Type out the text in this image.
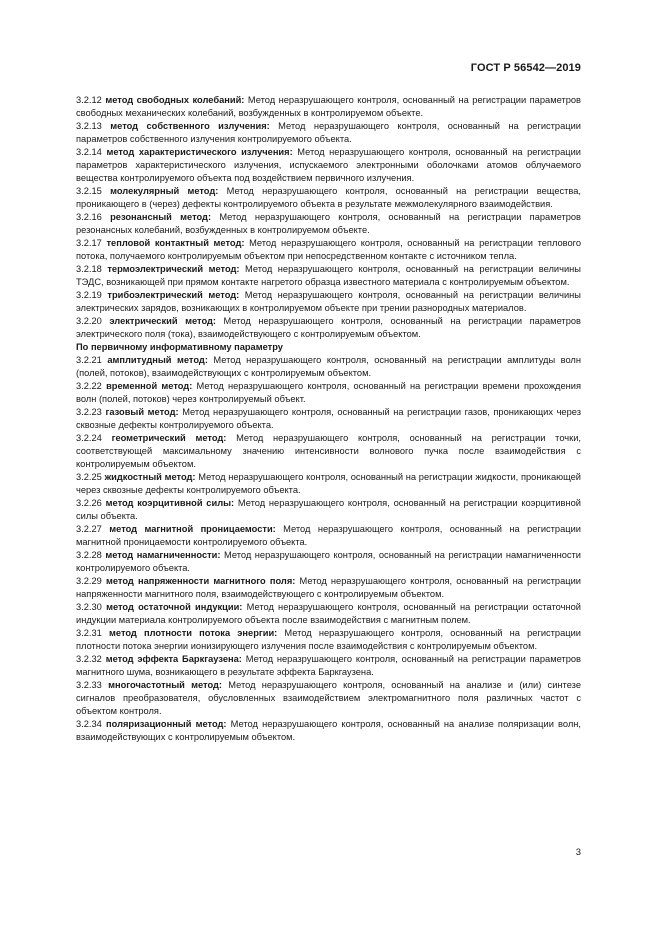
ГОСТ Р 56542—2019

3.2.12 метод свободных колебаний: Метод неразрушающего контроля, основанный на регистрации параметров свободных механических колебаний, возбужденных в контролируемом объекте.

3.2.13 метод собственного излучения: Метод неразрушающего контроля, основанный на регистрации параметров собственного излучения контролируемого объекта.

3.2.14 метод характеристического излучения: Метод неразрушающего контроля, основанный на регистрации параметров характеристического излучения, испускаемого электронными оболочками атомов облучаемого вещества контролируемого объекта под воздействием первичного излучения.

3.2.15 молекулярный метод: Метод неразрушающего контроля, основанный на регистрации вещества, проникающего в (через) дефекты контролируемого объекта в результате межмолекулярного взаимодействия.

3.2.16 резонансный метод: Метод неразрушающего контроля, основанный на регистрации параметров резонансных колебаний, возбужденных в контролируемом объекте.

3.2.17 тепловой контактный метод: Метод неразрушающего контроля, основанный на регистрации теплового потока, получаемого контролируемым объектом при непосредственном контакте с источником тепла.

3.2.18 термоэлектрический метод: Метод неразрушающего контроля, основанный на регистрации величины ТЭДС, возникающей при прямом контакте нагретого образца известного материала с контролируемым объектом.

3.2.19 трибоэлектрический метод: Метод неразрушающего контроля, основанный на регистрации величины электрических зарядов, возникающих в контролируемом объекте при трении разнородных материалов.

3.2.20 электрический метод: Метод неразрушающего контроля, основанный на регистрации параметров электрического поля (тока), взаимодействующего с контролируемым объектом.

По первичному информативному параметру

3.2.21 амплитудный метод: Метод неразрушающего контроля, основанный на регистрации амплитуды волн (полей, потоков), взаимодействующих с контролируемым объектом.

3.2.22 временной метод: Метод неразрушающего контроля, основанный на регистрации времени прохождения волн (полей, потоков) через контролируемый объект.

3.2.23 газовый метод: Метод неразрушающего контроля, основанный на регистрации газов, проникающих через сквозные дефекты контролируемого объекта.

3.2.24 геометрический метод: Метод неразрушающего контроля, основанный на регистрации точки, соответствующей максимальному значению интенсивности волнового пучка после взаимодействия с контролируемым объектом.

3.2.25 жидкостный метод: Метод неразрушающего контроля, основанный на регистрации жидкости, проникающей через сквозные дефекты контролируемого объекта.

3.2.26 метод коэрцитивной силы: Метод неразрушающего контроля, основанный на регистрации коэрцитивной силы объекта.

3.2.27 метод магнитной проницаемости: Метод неразрушающего контроля, основанный на регистрации магнитной проницаемости контролируемого объекта.

3.2.28 метод намагниченности: Метод неразрушающего контроля, основанный на регистрации намагниченности контролируемого объекта.

3.2.29 метод напряженности магнитного поля: Метод неразрушающего контроля, основанный на регистрации напряженности магнитного поля, взаимодействующего с контролируемым объектом.

3.2.30 метод остаточной индукции: Метод неразрушающего контроля, основанный на регистрации остаточной индукции материала контролируемого объекта после взаимодействия с магнитным полем.

3.2.31 метод плотности потока энергии: Метод неразрушающего контроля, основанный на регистрации плотности потока энергии ионизирующего излучения после взаимодействия с контролируемым объектом.

3.2.32 метод эффекта Баркгаузена: Метод неразрушающего контроля, основанный на регистрации параметров магнитного шума, возникающего в результате эффекта Баркгаузена.

3.2.33 многочастотный метод: Метод неразрушающего контроля, основанный на анализе и (или) синтезе сигналов преобразователя, обусловленных взаимодействием электромагнитного поля различных частот с объектом контроля.

3.2.34 поляризационный метод: Метод неразрушающего контроля, основанный на анализе поляризации волн, взаимодействующих с контролируемым объектом.

3
